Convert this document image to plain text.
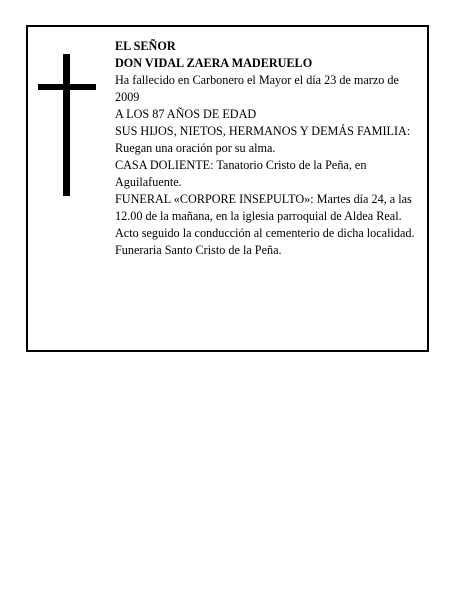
EL SEÑOR

DON VIDAL ZAERA MADERUELO

Ha fallecido en Carbonero el Mayor el día 23 de marzo de 2009

A LOS 87 AÑOS DE EDAD

SUS HIJOS, NIETOS, HERMANOS Y DEMÁS FAMILIA:

Ruegan una oración por su alma.

CASA DOLIENTE: Tanatorio Cristo de la Peña, en Aguilafuente.

FUNERAL «CORPORE INSEPULTO»: Martes día 24, a las 12.00 de la mañana, en la iglesia parroquial de Aldea Real. Acto seguido la conducción al cementerio de dicha localidad.

Funeraria Santo Cristo de la Peña.
